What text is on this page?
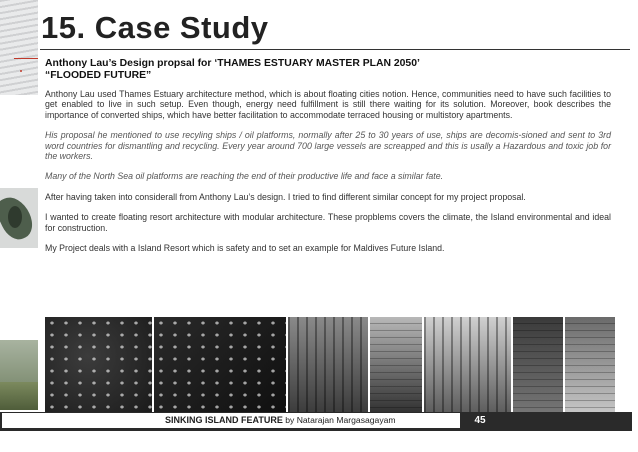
15. Case Study
Anthony Lau’s Design propsal for ‘THAMES ESTUARY MASTER PLAN 2050’
“FLOODED FUTURE”

Anthony Lau used Thames Estuary architecture method, which is about floating cities notion. Hence, communities need to have such facilities to get enabled to live in such setup. Even though, energy need fulfillment is still there waiting for its solution. Moreover, book describes the importance of converted ships, which have better facilitation to accommodate terraced housing or multistory apartments.

His proposal he mentioned to use recyling ships / oil platforms, normally after 25 to 30 years of use, ships are decomis-sioned and sent to 3rd word countries for dismantling and recycling. Every year around 700 large vessels are screapped and this is usally a Hazardous and toxic job for the workers.

Many of the North Sea oil platforms are reaching the end of their productive life and face a similar fate.

After having taken into considerall from Anthony Lau’s design. I tried to find different similar concept for my project proposal.

I wanted to create floating resort architecture with modular architecture. These propblems covers the climate, the Island environmental and ideal for construction.

My Project deals with a Island Resort which is safety and to set an example for Maldives Future Island.

SINKING ISLAND FEATURE by Natarajan Margasagayam	45
